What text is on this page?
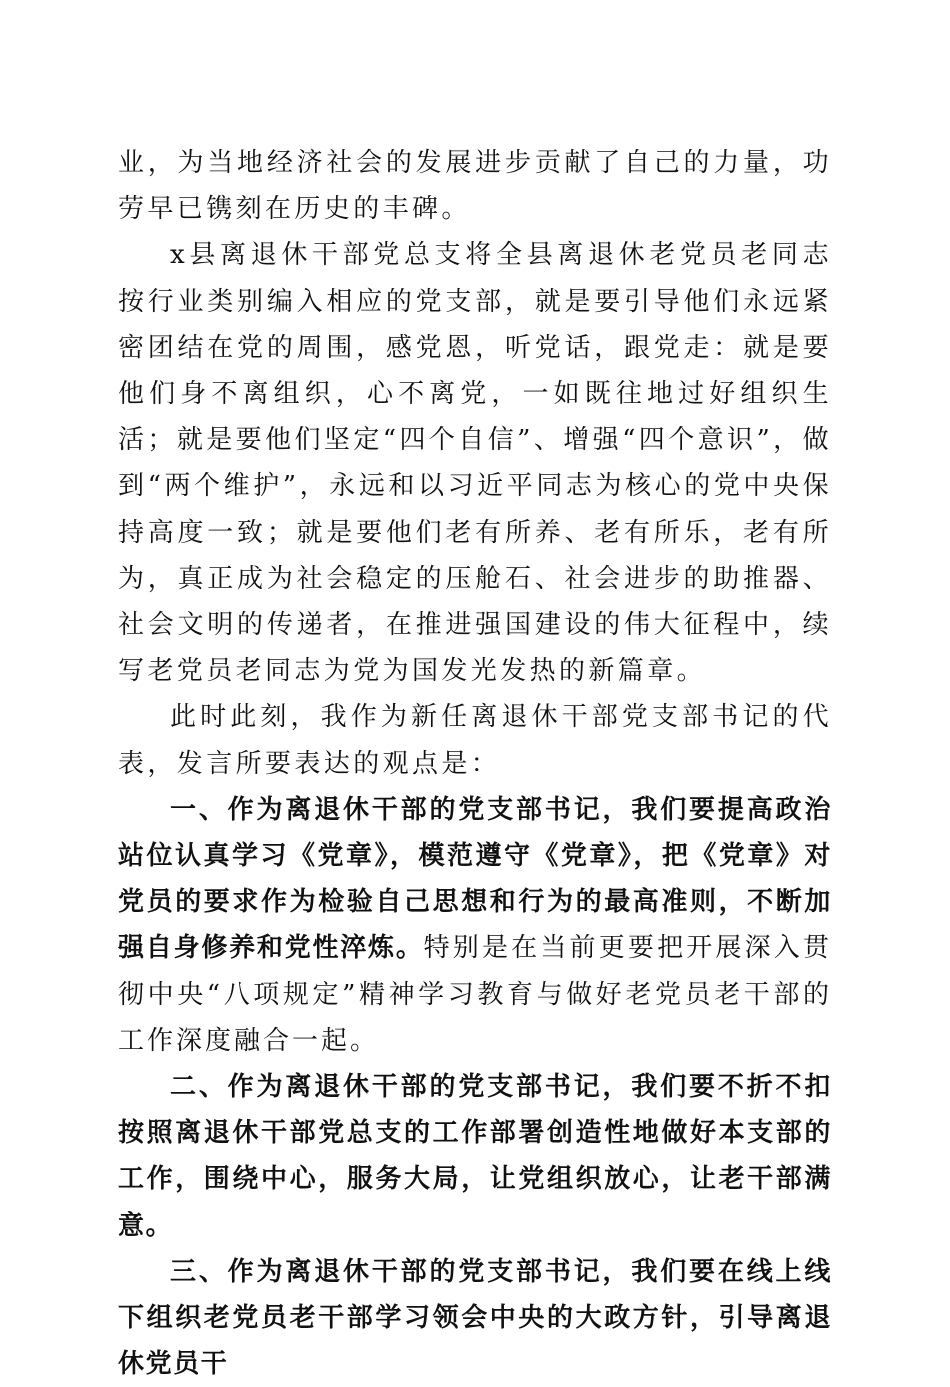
业，为当地经济社会的发展进步贡献了自己的力量，功劳早已镌刻在历史的丰碑。

x县离退休干部党总支将全县离退休老党员老同志按行业类别编入相应的党支部，就是要引导他们永远紧密团结在党的周围，感党恩，听党话，跟党走：就是要他们身不离组织，心不离党，一如既往地过好组织生活；就是要他们坚定“四个自信”、增强“四个意识”，做到“两个维护”，永远和以习近平同志为核心的党中央保持高度一致；就是要他们老有所养、老有所乐，老有所为，真正成为社会稳定的压舱石、社会进步的助推器、社会文明的传递者，在推进强国建设的伟大征程中，续写老党员老同志为党为国发光发热的新篇章。

此时此刻，我作为新任离退休干部党支部书记的代表，发言所要表达的观点是：

一、作为离退休干部的党支部书记，我们要提高政治站位认真学习《党章》，模范遵守《党章》，把《党章》对党员的要求作为检验自己思想和行为的最高准则，不断加强自身修养和党性淬炼。特别是在当前更要把开展深入贯彻中央“八项规定”精神学习教育与做好老党员老干部的工作深度融合一起。

二、作为离退休干部的党支部书记，我们要不折不扣按照离退休干部党总支的工作部署创造性地做好本支部的工作，围绕中心，服务大局，让党组织放心，让老干部满意。

三、作为离退休干部的党支部书记，我们要在线上线下组织老党员老干部学习领会中央的大政方针，引导离退休党员干
